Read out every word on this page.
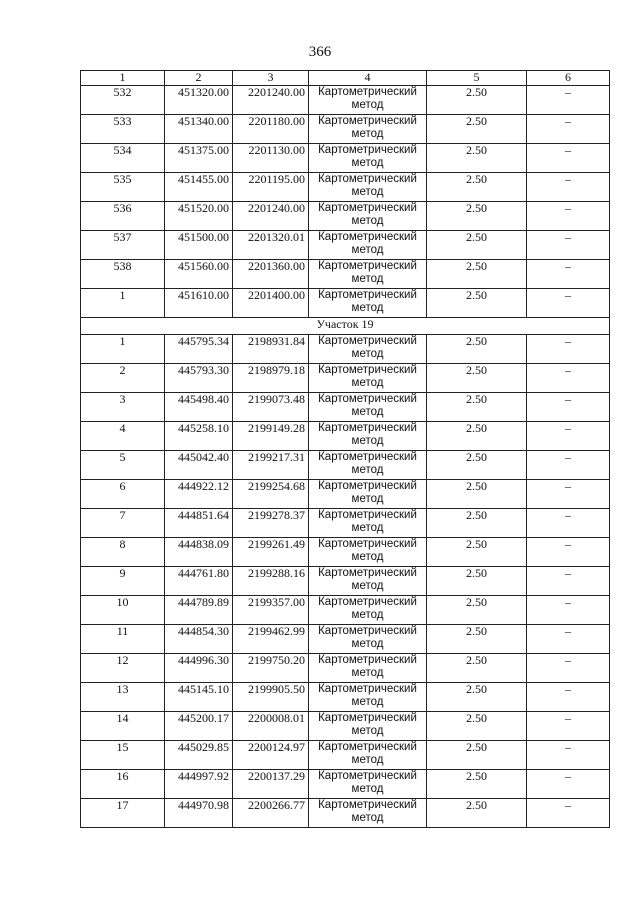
366
1	2	3	4	5	6
532	451320.00	2201240.00	Картометрический метод	2.50	–
533	451340.00	2201180.00	Картометрический метод	2.50	–
534	451375.00	2201130.00	Картометрический метод	2.50	–
535	451455.00	2201195.00	Картометрический метод	2.50	–
536	451520.00	2201240.00	Картометрический метод	2.50	–
537	451500.00	2201320.01	Картометрический метод	2.50	–
538	451560.00	2201360.00	Картометрический метод	2.50	–
1	451610.00	2201400.00	Картометрический метод	2.50	–
Участок 19					
1	445795.34	2198931.84	Картометрический метод	2.50	–
2	445793.30	2198979.18	Картометрический метод	2.50	–
3	445498.40	2199073.48	Картометрический метод	2.50	–
4	445258.10	2199149.28	Картометрический метод	2.50	–
5	445042.40	2199217.31	Картометрический метод	2.50	–
6	444922.12	2199254.68	Картометрический метод	2.50	–
7	444851.64	2199278.37	Картометрический метод	2.50	–
8	444838.09	2199261.49	Картометрический метод	2.50	–
9	444761.80	2199288.16	Картометрический метод	2.50	–
10	444789.89	2199357.00	Картометрический метод	2.50	–
11	444854.30	2199462.99	Картометрический метод	2.50	–
12	444996.30	2199750.20	Картометрический метод	2.50	–
13	445145.10	2199905.50	Картометрический метод	2.50	–
14	445200.17	2200008.01	Картометрический метод	2.50	–
15	445029.85	2200124.97	Картометрический метод	2.50	–
16	444997.92	2200137.29	Картометрический метод	2.50	–
17	444970.98	2200266.77	Картометрический метод	2.50	–
